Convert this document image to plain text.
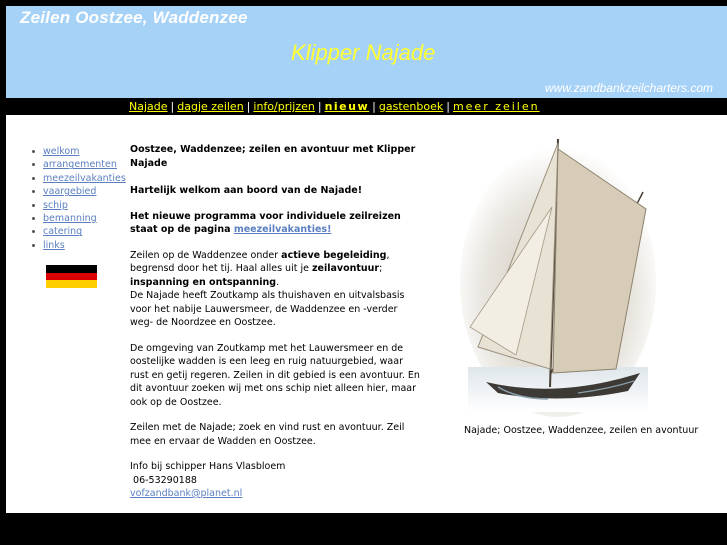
Zeilen Oostzee, Waddenzee
Klipper Najade
www.zandbankzeilcharters.com
Najade | dagje zeilen | info/prijzen | nieuw | gastenboek | meer zeilen
welkom
arrangementen
meezeilvakanties
vaargebied
schip
bemanning
catering
links

Oostzee, Waddenzee; zeilen en avontuur met Klipper Najade

Hartelijk welkom aan boord van de Najade!

Het nieuwe programma voor individuele zeilreizen staat op de pagina meezeilvakanties!

Zeilen op de Waddenzee onder actieve begeleiding, begrensd door het tij. Haal alles uit je zeilavontuur; inspanning en ontspanning.
De Najade heeft Zoutkamp als thuishaven en uitvalsbasis voor het nabije Lauwersmeer, de Waddenzee en -verder weg- de Noordzee en Oostzee.

De omgeving van Zoutkamp met het Lauwersmeer en de oostelijke wadden is een leeg en ruig natuurgebied, waar rust en getij regeren. Zeilen in dit gebied is een avontuur. En dit avontuur zoeken wij met ons schip niet alleen hier, maar ook op de Oostzee.

Zeilen met de Najade; zoek en vind rust en avontuur. Zeil mee en ervaar de Wadden en Oostzee.

Info bij schipper Hans Vlasbloem
06-53290188
vofzandbank@planet.nl

Najade; Oostzee, Waddenzee, zeilen en avontuur
